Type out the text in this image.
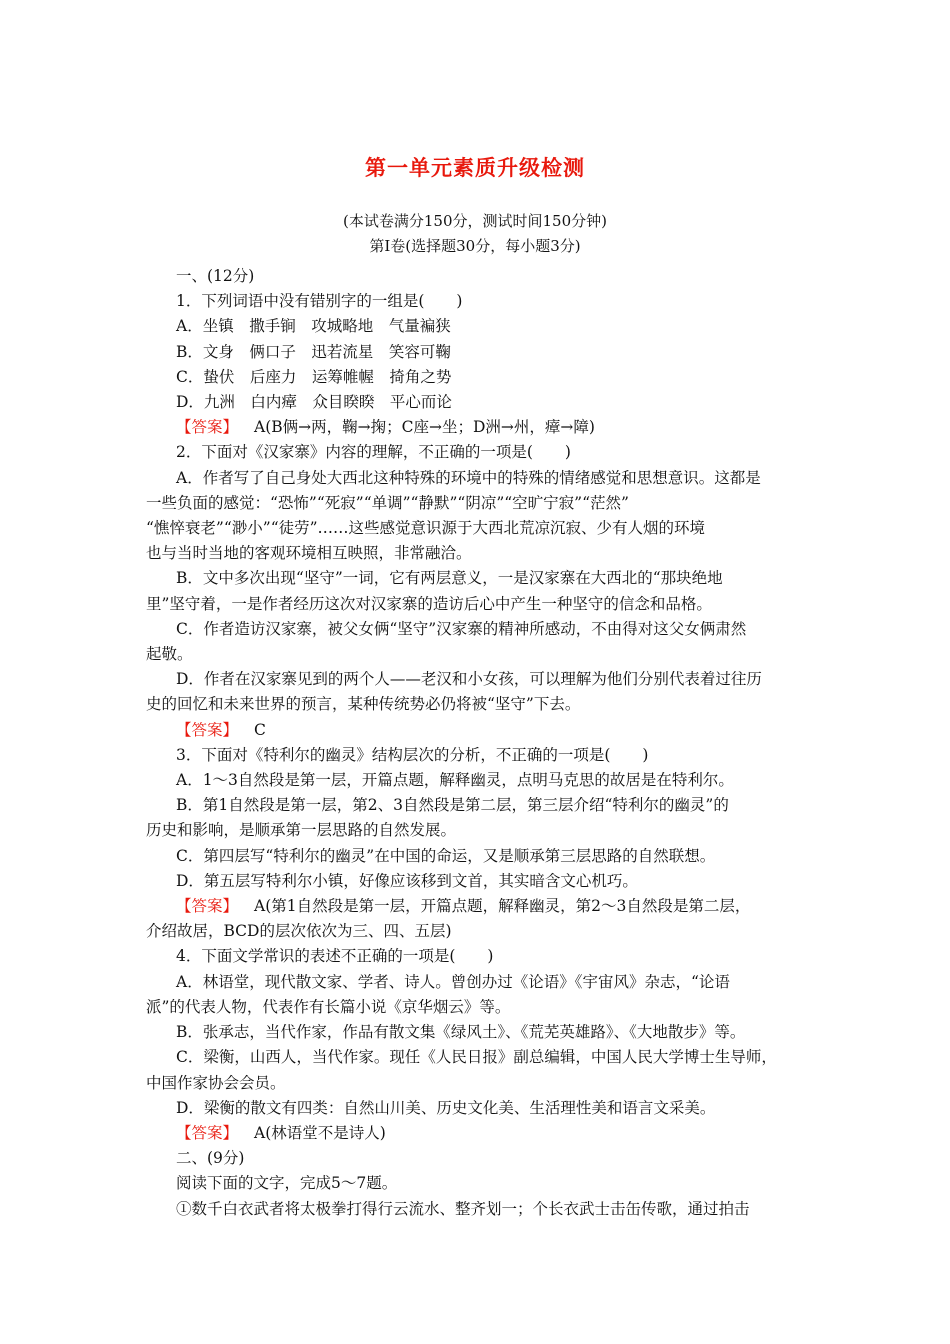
第一单元素质升级检测
(本试卷满分150分，测试时间150分钟)
第Ⅰ卷(选择题30分，每小题3分)

一、(12分)

1．下列词语中没有错别字的一组是( )

A．坐镇　撒手锏　攻城略地　气量褊狭

B．文身　俩口子　迅若流星　笑容可鞠

C．蛰伏　后座力　运筹帷幄　掎角之势

D．九洲　白内瘴　众目睽睽　平心而论

【答案】 A(B俩→两，鞠→掬；C座→坐；D洲→州，瘴→障)

2．下面对《汉家寨》内容的理解，不正确的一项是( )

A．作者写了自己身处大西北这种特殊的环境中的特殊的情绪感觉和思想意识。这都是

一些负面的感觉：“恐怖”“死寂”“单调”“静默”“阴凉”“空旷宁寂”“茫然”

“憔悴衰老”“渺小”“徒劳”……这些感觉意识源于大西北荒凉沉寂、少有人烟的环境

也与当时当地的客观环境相互映照，非常融洽。

B．文中多次出现“坚守”一词，它有两层意义，一是汉家寨在大西北的“那块绝地

里”坚守着，一是作者经历这次对汉家寨的造访后心中产生一种坚守的信念和品格。

C．作者造访汉家寨，被父女俩“坚守”汉家寨的精神所感动，不由得对这父女俩肃然

起敬。

D．作者在汉家寨见到的两个人——老汉和小女孩，可以理解为他们分别代表着过往历

史的回忆和未来世界的预言，某种传统势必仍将被“坚守”下去。

【答案】 C

3．下面对《特利尔的幽灵》结构层次的分析，不正确的一项是( )

A．1～3自然段是第一层，开篇点题，解释幽灵，点明马克思的故居是在特利尔。

B．第1自然段是第一层，第2、3自然段是第二层，第三层介绍“特利尔的幽灵”的

历史和影响，是顺承第一层思路的自然发展。

C．第四层写“特利尔的幽灵”在中国的命运，又是顺承第三层思路的自然联想。

D．第五层写特利尔小镇，好像应该移到文首，其实暗含文心机巧。

【答案】 A(第1自然段是第一层，开篇点题，解释幽灵，第2～3自然段是第二层，

介绍故居，BCD的层次依次为三、四、五层)

4．下面文学常识的表述不正确的一项是( )

A．林语堂，现代散文家、学者、诗人。曾创办过《论语》《宇宙风》杂志，“论语

派”的代表人物，代表作有长篇小说《京华烟云》等。

B．张承志，当代作家，作品有散文集《绿风土》、《荒芜英雄路》、《大地散步》等。

C．梁衡，山西人，当代作家。现任《人民日报》副总编辑，中国人民大学博士生导师，

中国作家协会会员。

D．梁衡的散文有四类：自然山川美、历史文化美、生活理性美和语言文采美。

【答案】 A(林语堂不是诗人)

二、(9分)

阅读下面的文字，完成5～7题。

①数千白衣武者将太极拳打得行云流水、整齐划一；个长衣武士击缶传歌，通过拍击
